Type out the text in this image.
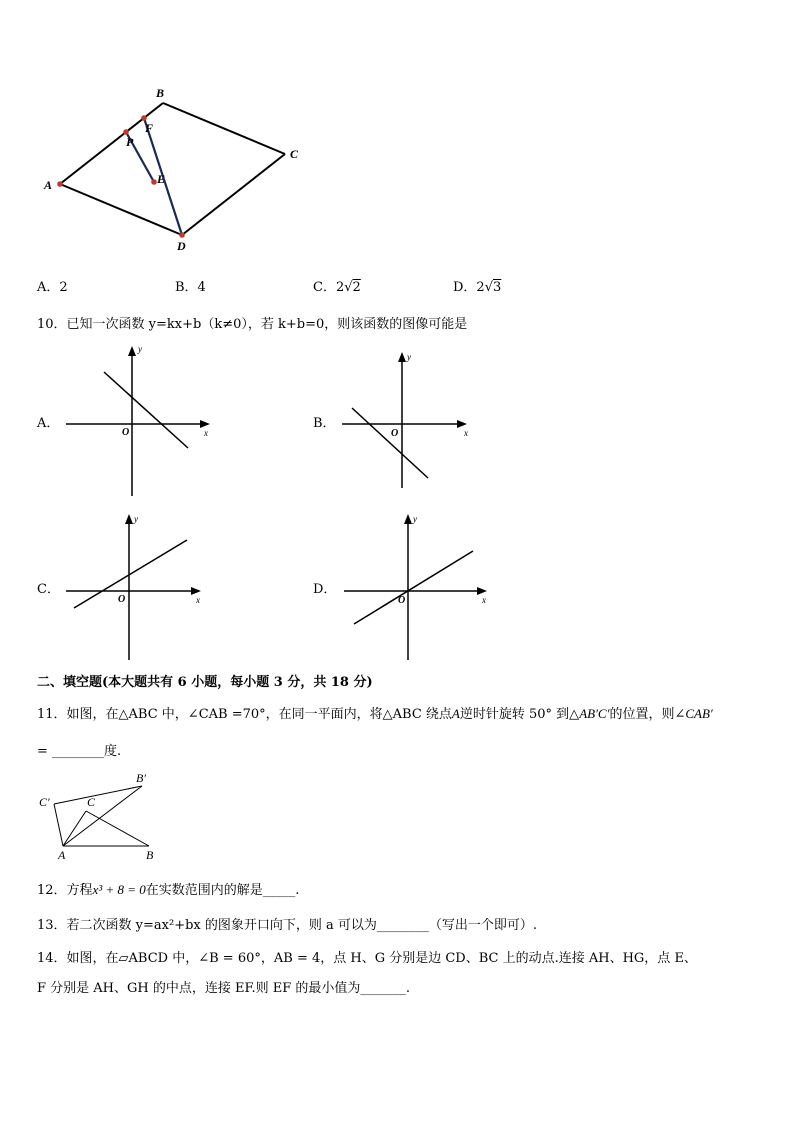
A
B
C
D
P
F
E
A．2	B．4	C．2√2	D．2√3
10．已知一次函数 y=kx+b（k≠0），若 k+b=0，则该函数的图像可能是
A．
x
y
O
B．
x
y
O
C．
x
y
O
D．
x
y
O
二、填空题(本大题共有 6 小题，每小题 3 分，共 18 分)
11．如图，在△ABC 中，∠CAB =70°，在同一平面内，将△ABC 绕点A逆时针旋转 50° 到△AB′C′的位置，则∠CAB′
= ________度.
C′
B′
C
A	B
12．方程x³ + 8 = 0在实数范围内的解是_____.
13．若二次函数 y=ax²+bx 的图象开口向下，则 a 可以为________（写出一个即可）.
14．如图，在▱ABCD 中，∠B = 60°，AB = 4，点 H、G 分别是边 CD、BC 上的动点.连接 AH、HG，点 E、
F 分别是 AH、GH 的中点，连接 EF.则 EF 的最小值为_______.
